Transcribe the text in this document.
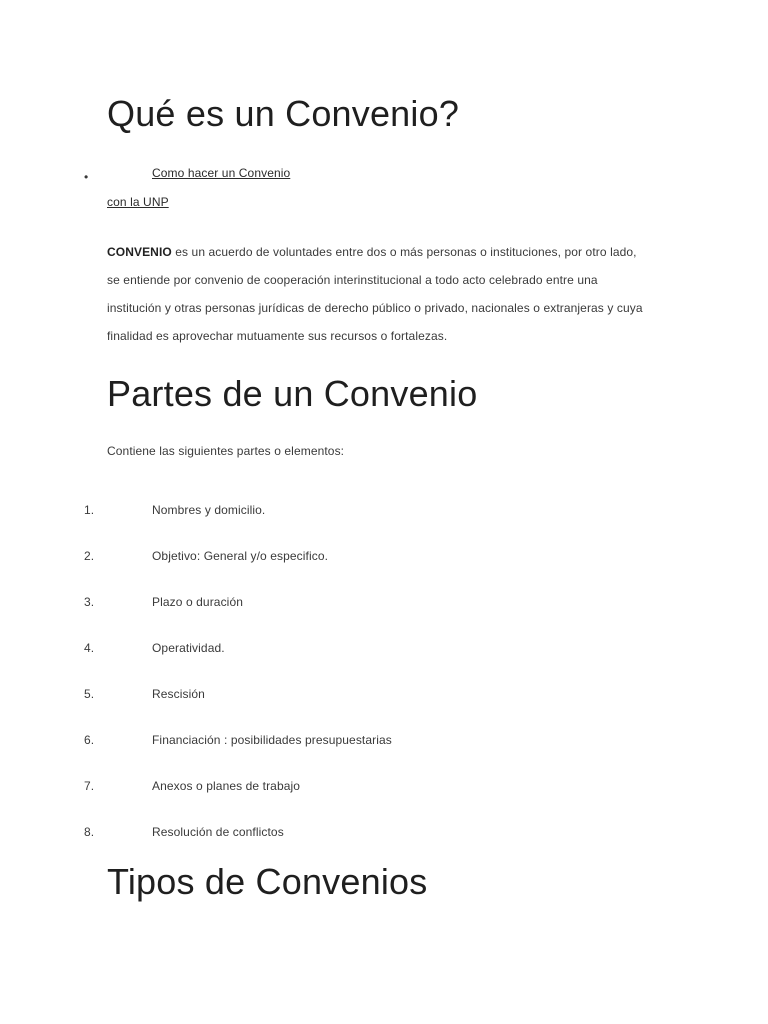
Qué es un Convenio?
•	Como hacer un Convenio
con la UNP
CONVENIO es un acuerdo de voluntades entre dos o más personas o instituciones, por otro lado,
se entiende por convenio de cooperación interinstitucional a todo acto celebrado entre una
institución y otras personas jurídicas de derecho público o privado, nacionales o extranjeras y cuya
finalidad es aprovechar mutuamente sus recursos o fortalezas.
Partes de un Convenio
Contiene las siguientes partes o elementos:
1.	Nombres y domicilio.
2.	Objetivo: General y/o especifico.
3.	Plazo o duración
4.	Operatividad.
5.	Rescisión
6.	Financiación : posibilidades presupuestarias
7.	Anexos o planes de trabajo
8.	Resolución de conflictos
Tipos de Convenios
